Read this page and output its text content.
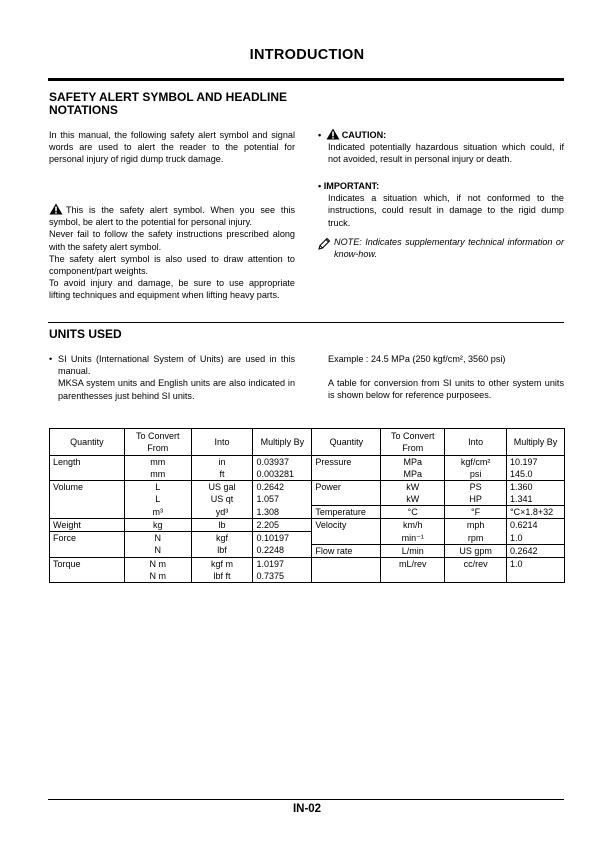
INTRODUCTION
SAFETY ALERT SYMBOL AND HEADLINE NOTATIONS
In this manual, the following safety alert symbol and signal words are used to alert the reader to the potential for personal injury of rigid dump truck damage.
This is the safety alert symbol. When you see this symbol, be alert to the potential for personal injury.
Never fail to follow the safety instructions prescribed along with the safety alert symbol.
The safety alert symbol is also used to draw attention to component/part weights.
To avoid injury and damage, be sure to use appropriate lifting techniques and equipment when lifting heavy parts.
• CAUTION:
Indicated potentially hazardous situation which could, if not avoided, result in personal injury or death.
• IMPORTANT:
Indicates a situation which, if not conformed to the instructions, could result in damage to the rigid dump truck.
NOTE: Indicates supplementary technical information or know-how.
UNITS USED
• SI Units (International System of Units) are used in this manual.
MKSA system units and English units are also indicated in parenthesses just behind SI units.
Example : 24.5 MPa (250 kgf/cm², 3560 psi)
A table for conversion from SI units to other system units is shown below for reference purposees.
Quantity	To Convert From	Into	Multiply By	Quantity	To Convert From	Into	Multiply By
Length	mm	in	0.03937	Pressure	MPa	kgf/cm²	10.197
	mm	ft	0.003281		MPa	psi	145.0
Volume	L	US gal	0.2642	Power	kW	PS	1.360
	L	US qt	1.057		kW	HP	1.341
	m³	yd³	1.308	Temperature	°C	°F	°C×1.8+32
Weight	kg	lb	2.205	Velocity	km/h	mph	0.6214
Force	N	kgf	0.10197		min⁻¹	rpm	1.0
	N	lbf	0.2248	Flow rate	L/min	US gpm	0.2642
Torque	N m	kgf m	1.0197		mL/rev	cc/rev	1.0
	N m	lbf ft	0.7375				
IN-02
